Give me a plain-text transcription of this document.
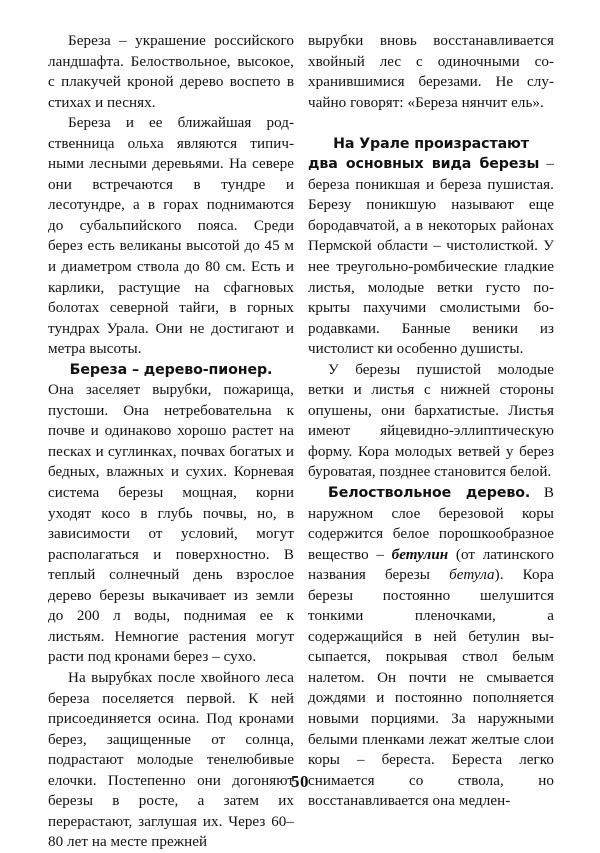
Береза – украшение российского ландшафта. Белоствольное, высокое, с плакучей кроной дерево воспето в стихах и песнях.

Береза и ее ближайшая родственница ольха являются типичными лесными деревьями. На севере они встречаются в тундре и лесотундре, а в горах поднимаются до субальпийского пояса. Среди берез есть великаны высотой до 45 м и диаметром ствола до 80 см. Есть и карлики, растущие на сфагновых болотах северной тайги, в горных тундрах Урала. Они не достигают и метра высоты.

Береза – дерево-пионер.

Она заселяет вырубки, пожарища, пустоши. Она нетребовательна к почве и одинаково хорошо растет на песках и суглинках, почвах богатых и бедных, влажных и сухих. Корневая система березы мощная, корни уходят косо в глубь почвы, но, в зависимости от условий, могут располагаться и поверхностно. В теплый солнечный день взрослое дерево березы выкачивает из земли до 200 л воды, поднимая ее к листьям. Немногие растения могут расти под кронами берез – сухо.

На вырубках после хвойного леса береза поселяется первой. К ней присоединяется осина. Под кронами берез, защищенные от солнца, подрастают молодые тенелюбивые елочки. Постепенно они догоняют березы в росте, а затем их перерастают, заглушая их. Через 60–80 лет на месте прежней

вырубки вновь восстанавливается хвойный лес с одиночными сохранившимися березами. Не случайно говорят: «Береза нянчит ель».

На Урале произрастают
два основных вида березы – береза поникшая и береза пушистая. Березу поникшую называют еще бородавчатой, а в некоторых районах Пермской области – чистолисткой. У нее треугольно-ромбические гладкие листья, молодые ветки густо покрыты пахучими смолистыми бородавками. Банные веники из чистолист ки особенно душисты.

У березы пушистой молодые ветки и листья с нижней стороны опушены, они бархатистые. Листья имеют яйцевидно-эллиптическую форму. Кора молодых ветвей у берез буроватая, позднее становится белой.

Белоствольное дерево. В наружном слое березовой коры содержится белое порошкообразное вещество – бетулин (от латинского названия березы бетула). Кора березы постоянно шелушится тонкими пленочками, а содержащийся в ней бетулин высыпается, покрывая ствол белым налетом. Он почти не смывается дождями и постоянно пополняется новыми порциями. За наружными белыми пленками лежат желтые слои коры – береста. Береста легко снимается со ствола, но восстанавливается она медлен-

50
